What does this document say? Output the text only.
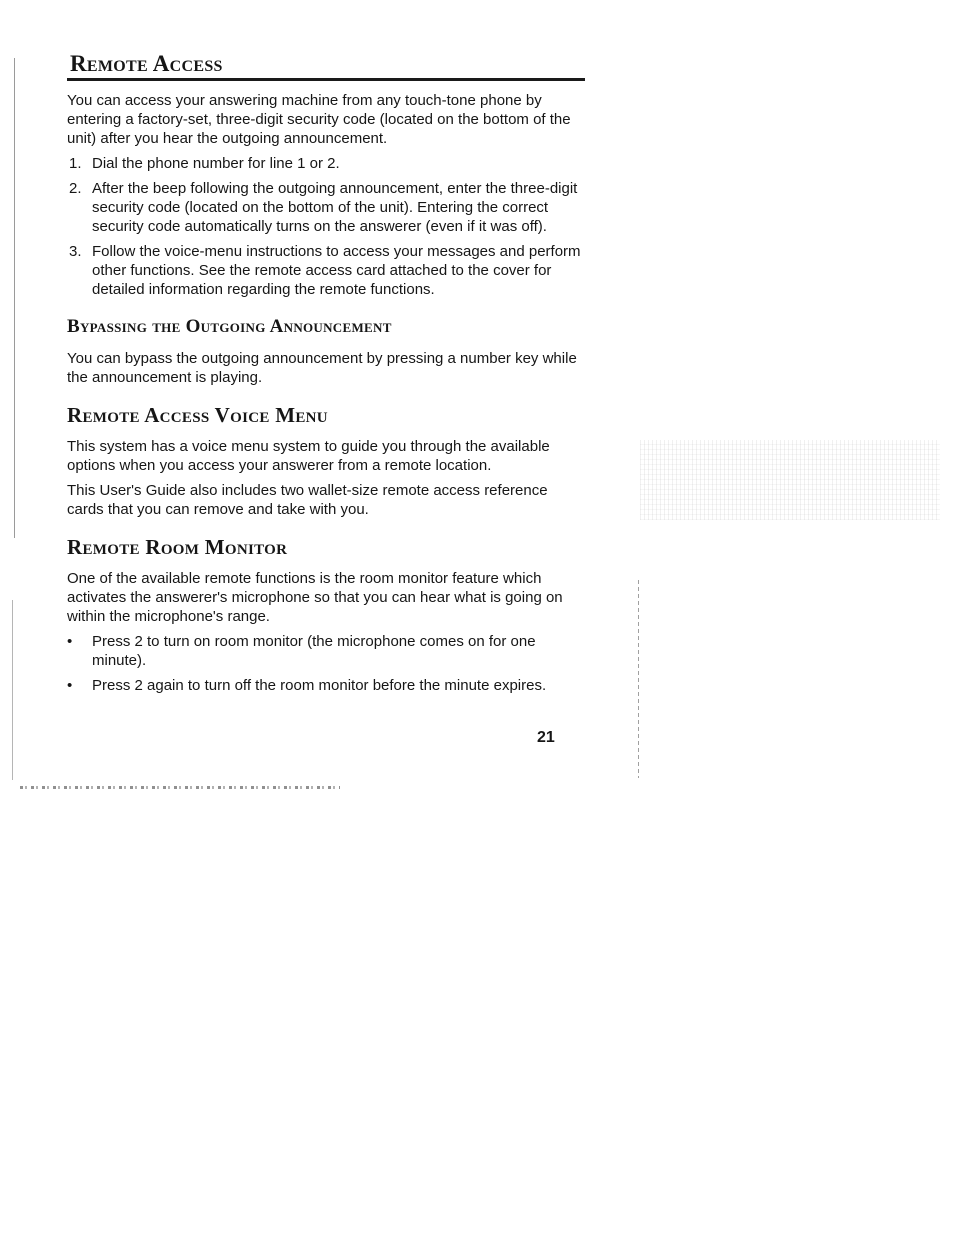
Remote Access

You can access your answering machine from any touch-tone phone by entering a factory-set, three-digit security code (located on the bottom of the unit) after you hear the outgoing announcement.

1. Dial the phone number for line 1 or 2.
2. After the beep following the outgoing announcement, enter the three-digit security code (located on the bottom of the unit). Entering the correct security code automatically turns on the answerer (even if it was off).
3. Follow the voice-menu instructions to access your messages and perform other functions. See the remote access card attached to the cover for detailed information regarding the remote functions.
Bypassing the Outgoing Announcement

You can bypass the outgoing announcement by pressing a number key while the announcement is playing.

Remote Access Voice Menu

This system has a voice menu system to guide you through the available options when you access your answerer from a remote location.

This User's Guide also includes two wallet-size remote access reference cards that you can remove and take with you.

Remote Room Monitor

One of the available remote functions is the room monitor feature which activates the answerer's microphone so that you can hear what is going on within the microphone's range.

• Press 2 to turn on room monitor (the microphone comes on for one minute).
• Press 2 again to turn off the room monitor before the minute expires.
21
